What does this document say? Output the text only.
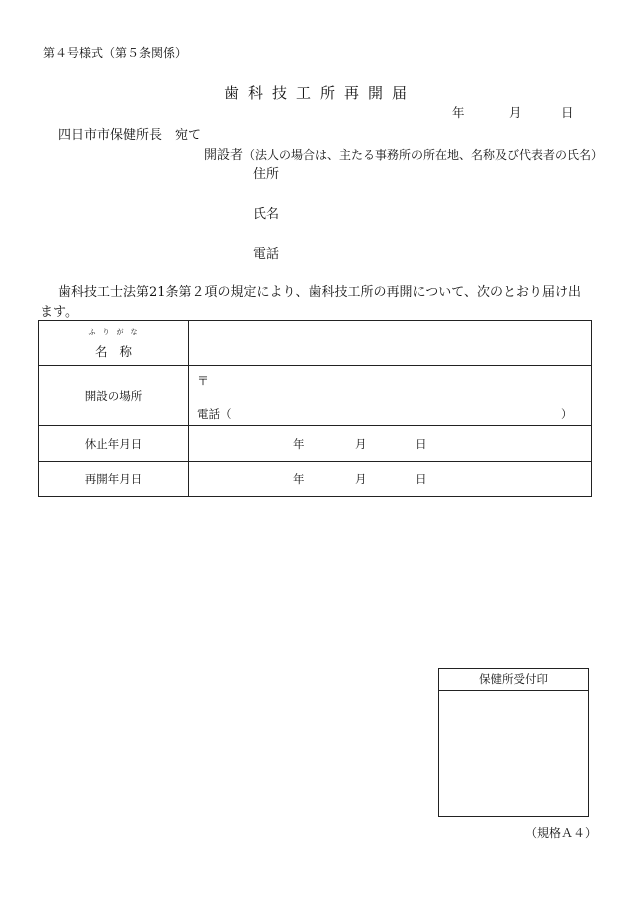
第４号様式（第５条関係）
歯科技工所再開届
年	月	日
四日市市保健所長　宛て
開設者（法人の場合は、主たる事務所の所在地、名称及び代表者の氏名）
住所
氏名
電話
歯科技工士法第21条第２項の規定により、歯科技工所の再開について、次のとおり届け出ます。
ふりがな
名称	
開設の場所	〒
電話（ ）

休止年月日	年 月 日

再開年月日	年 月 日
保健所受付印
（規格Ａ４）
